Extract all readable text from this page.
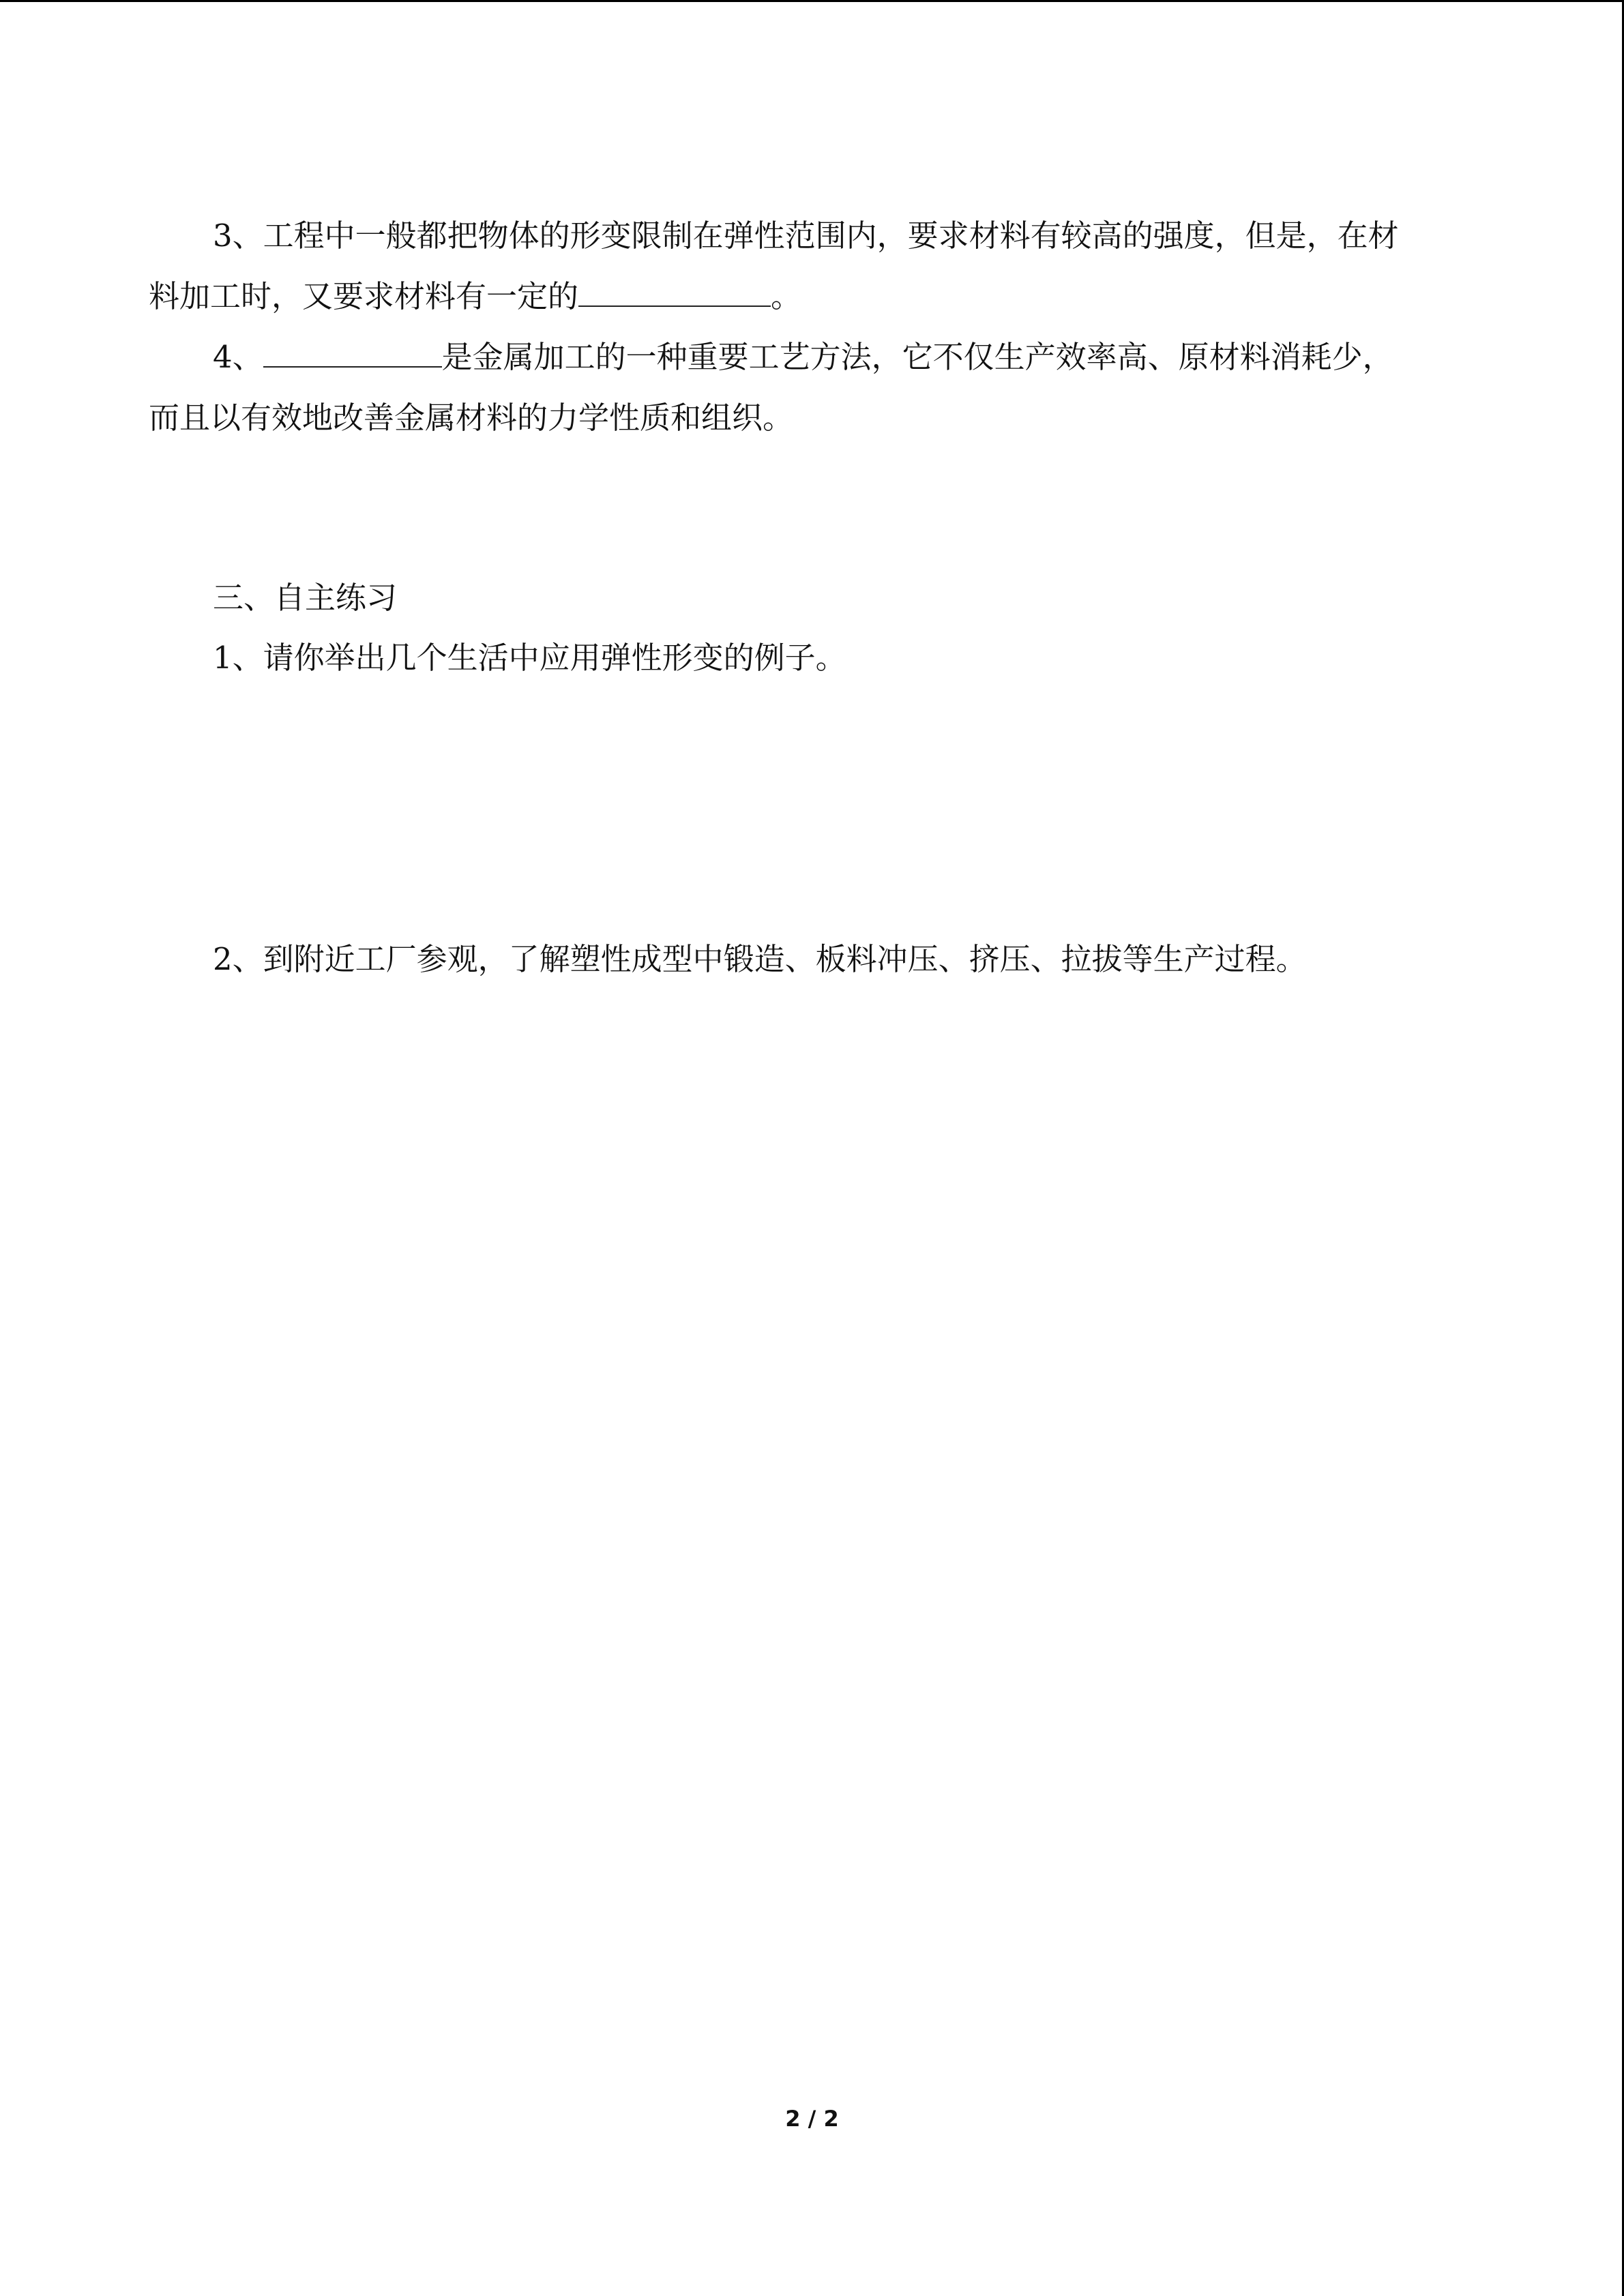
3、工程中一般都把物体的形变限制在弹性范围内，要求材料有较高的强度，但是，在材
料加工时，又要求材料有一定的	。
4、	是金属加工的一种重要工艺方法，它不仅生产效率高、原材料消耗少，
而且以有效地改善金属材料的力学性质和组织。
三、自主练习
1、请你举出几个生活中应用弹性形变的例子。
2、到附近工厂参观，了解塑性成型中锻造、板料冲压、挤压、拉拔等生产过程。
2 / 2
